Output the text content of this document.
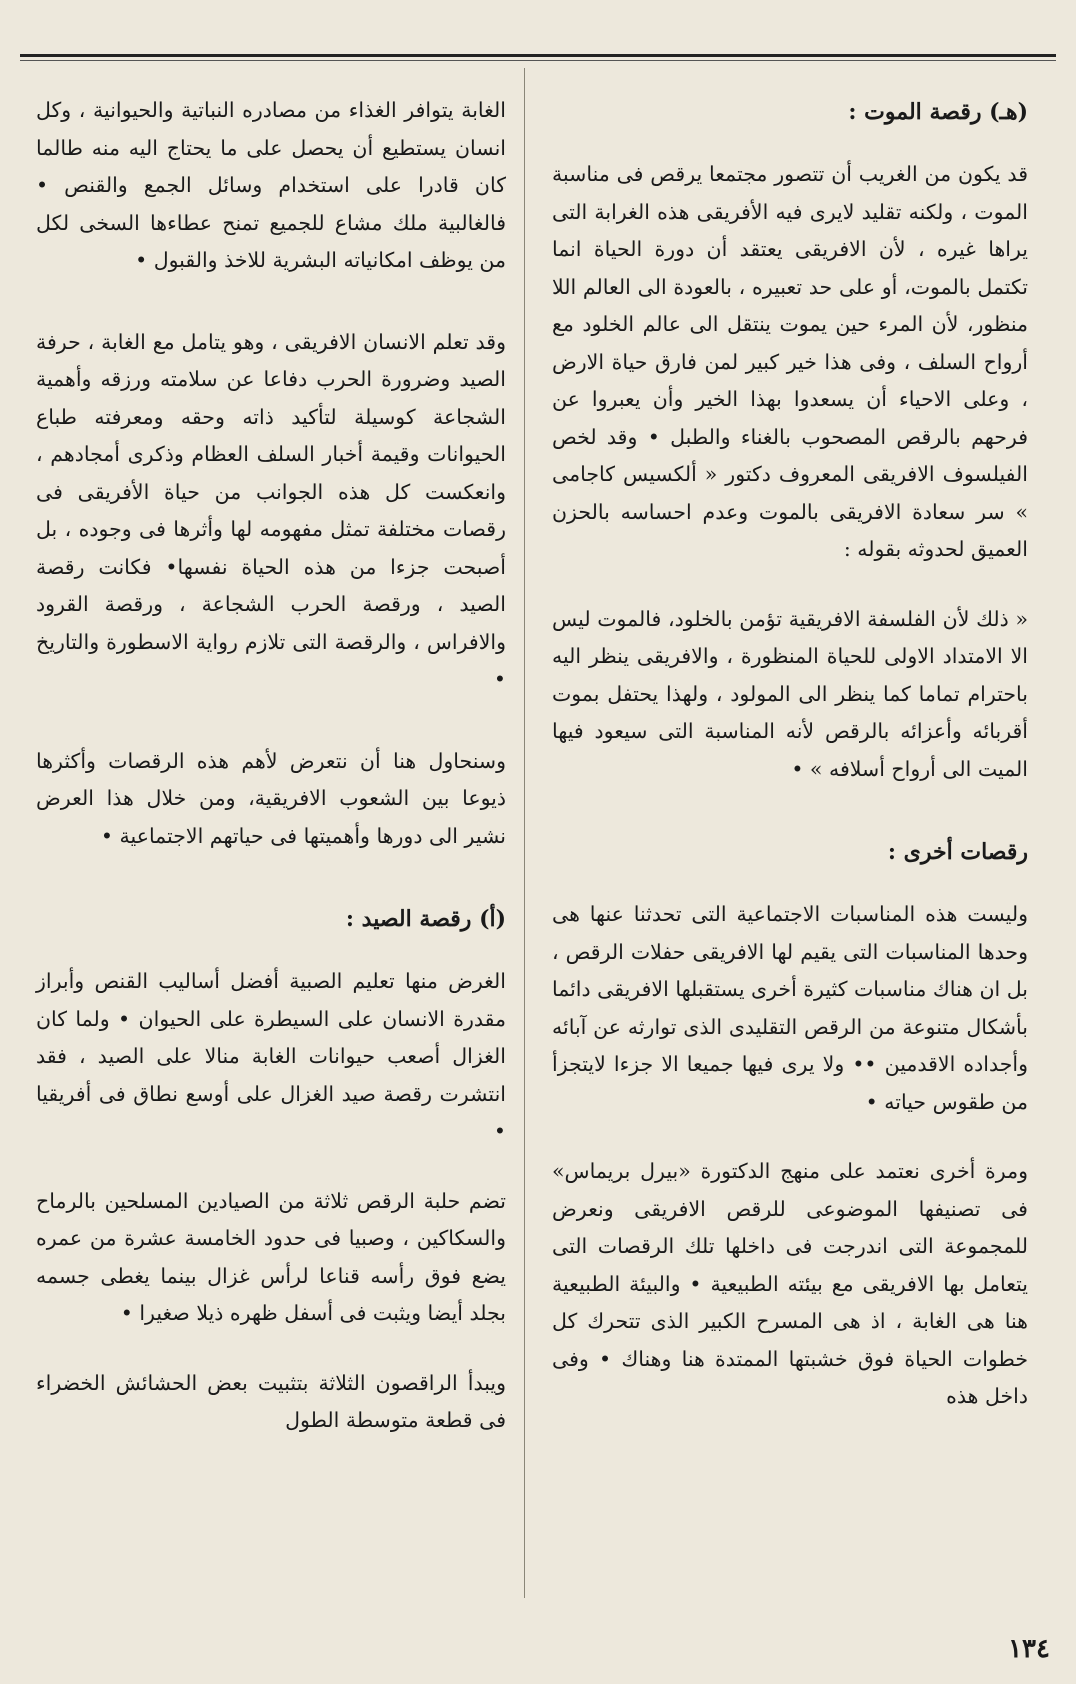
(هـ) رقصة الموت :

قد يكون من الغريب أن تتصور مجتمعا يرقص فى مناسبة الموت ، ولكنه تقليد لايرى فيه الأفريقى هذه الغرابة التى يراها غيره ، لأن الافريقى يعتقد أن دورة الحياة انما تكتمل بالموت، أو على حد تعبيره ، بالعودة الى العالم اللا منظور، لأن المرء حين يموت ينتقل الى عالم الخلود مع أرواح السلف ، وفى هذا خير كبير لمن فارق حياة الارض ، وعلى الاحياء أن يسعدوا بهذا الخير وأن يعبروا عن فرحهم بالرقص المصحوب بالغناء والطبل • وقد لخص الفيلسوف الافريقى المعروف دكتور « ألكسيس كاجامى » سر سعادة الافريقى بالموت وعدم احساسه بالحزن العميق لحدوثه بقوله :

« ذلك لأن الفلسفة الافريقية تؤمن بالخلود، فالموت ليس الا الامتداد الاولى للحياة المنظورة ، والافريقى ينظر اليه باحترام تماما كما ينظر الى المولود ، ولهذا يحتفل بموت أقربائه وأعزائه بالرقص لأنه المناسبة التى سيعود فيها الميت الى أرواح أسلافه » •

رقصات أخرى :

وليست هذه المناسبات الاجتماعية التى تحدثنا عنها هى وحدها المناسبات التى يقيم لها الافريقى حفلات الرقص ، بل ان هناك مناسبات كثيرة أخرى يستقبلها الافريقى دائما بأشكال متنوعة من الرقص التقليدى الذى توارثه عن آبائه وأجداده الاقدمين •• ولا يرى فيها جميعا الا جزءا لايتجزأ من طقوس حياته •

ومرة أخرى نعتمد على منهج الدكتورة «بيرل بريماس» فى تصنيفها الموضوعى للرقص الافريقى ونعرض للمجموعة التى اندرجت فى داخلها تلك الرقصات التى يتعامل بها الافريقى مع بيئته الطبيعية • والبيئة الطبيعية هنا هى الغابة ، اذ هى المسرح الكبير الذى تتحرك كل خطوات الحياة فوق خشبتها الممتدة هنا وهناك • وفى داخل هذه

الغابة يتوافر الغذاء من مصادره النباتية والحيوانية ، وكل انسان يستطيع أن يحصل على ما يحتاج اليه منه طالما كان قادرا على استخدام وسائل الجمع والقنص • فالغالبية ملك مشاع للجميع تمنح عطاءها السخى لكل من يوظف امكانياته البشرية للاخذ والقبول •

وقد تعلم الانسان الافريقى ، وهو يتامل مع الغابة ، حرفة الصيد وضرورة الحرب دفاعا عن سلامته ورزقه وأهمية الشجاعة كوسيلة لتأكيد ذاته وحقه ومعرفته طباع الحيوانات وقيمة أخبار السلف العظام وذكرى أمجادهم ، وانعكست كل هذه الجوانب من حياة الأفريقى فى رقصات مختلفة تمثل مفهومه لها وأثرها فى وجوده ، بل أصبحت جزءا من هذه الحياة نفسها• فكانت رقصة الصيد ، ورقصة الحرب الشجاعة ، ورقصة القرود والافراس ، والرقصة التى تلازم رواية الاسطورة والتاريخ •

وسنحاول هنا أن نتعرض لأهم هذه الرقصات وأكثرها ذيوعا بين الشعوب الافريقية، ومن خلال هذا العرض نشير الى دورها وأهميتها فى حياتهم الاجتماعية •

(أ) رقصة الصيد :

الغرض منها تعليم الصبية أفضل أساليب القنص وأبراز مقدرة الانسان على السيطرة على الحيوان • ولما كان الغزال أصعب حيوانات الغابة منالا على الصيد ، فقد انتشرت رقصة صيد الغزال على أوسع نطاق فى أفريقيا •

تضم حلبة الرقص ثلاثة من الصيادين المسلحين بالرماح والسكاكين ، وصبيا فى حدود الخامسة عشرة من عمره يضع فوق رأسه قناعا لرأس غزال بينما يغطى جسمه بجلد أيضا ويثبت فى أسفل ظهره ذيلا صغيرا •

ويبدأ الراقصون الثلاثة بتثبيت بعض الحشائش الخضراء فى قطعة متوسطة الطول

١٣٤
